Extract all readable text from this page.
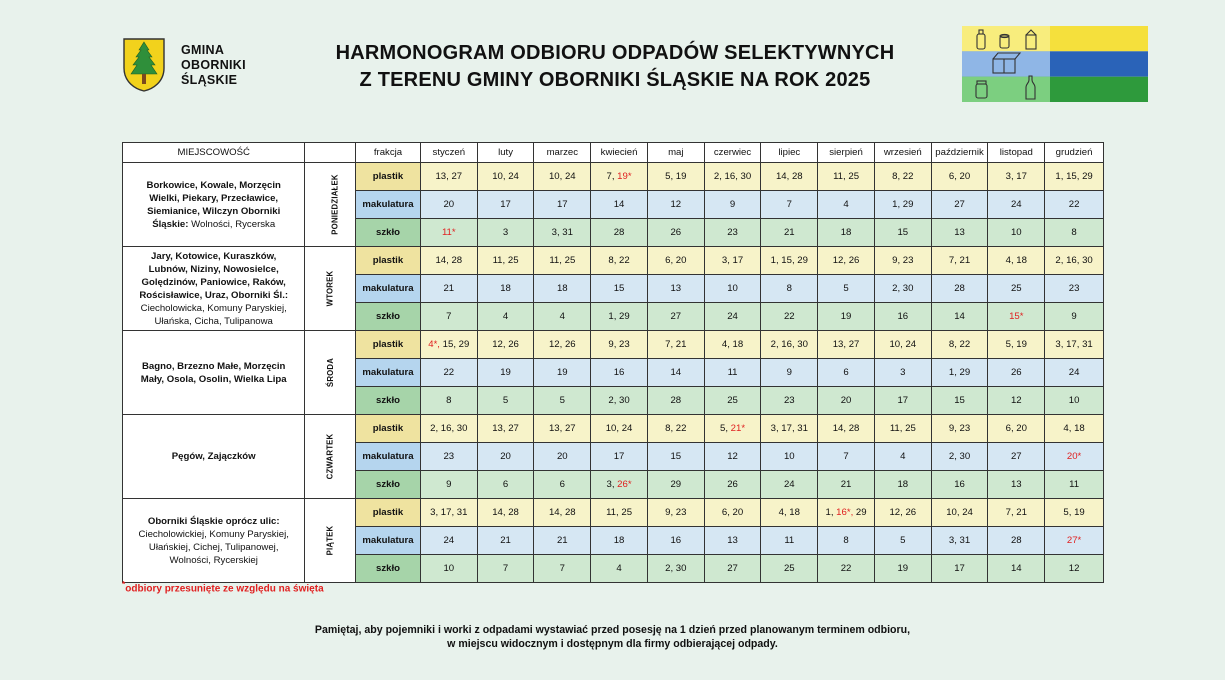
GMINA
OBORNIKI
ŚLĄSKIE
HARMONOGRAM ODBIORU ODPADÓW SELEKTYWNYCH
Z TERENU GMINY OBORNIKI ŚLĄSKIE NA ROK 2025
MIEJSCOWOŚĆ		frakcja	styczeń	luty	marzec	kwiecień	maj	czerwiec	lipiec	sierpień	wrzesień	październik	listopad	grudzień
Borkowice, Kowale, Morzęcin Wielki, Piekary, Przecławice, Siemianice, Wilczyn Oborniki Śląskie: Wolności, Rycerska	PONIEDZIAŁEK	plastik	13, 27	10, 24	10, 24	7, 19*	5, 19	2, 16, 30	14, 28	11, 25	8, 22	6, 20	3, 17	1, 15, 29
		makulatura	20	17	17	14	12	9	7	4	1, 29	27	24	22
		szkło	11*	3	3, 31	28	26	23	21	18	15	13	10	8
Jary, Kotowice, Kuraszków, Lubnów, Niziny, Nowosielce, Golędzinów, Paniowice, Raków, Rościsławice, Uraz, Oborniki Śl.: Ciecholowicka, Komuny Paryskiej, Ułańska, Cicha, Tulipanowa	WTOREK	plastik	14, 28	11, 25	11, 25	8, 22	6, 20	3, 17	1, 15, 29	12, 26	9, 23	7, 21	4, 18	2, 16, 30
		makulatura	21	18	18	15	13	10	8	5	2, 30	28	25	23
		szkło	7	4	4	1, 29	27	24	22	19	16	14	15*	9
Bagno, Brzezno Małe, Morzęcin Mały, Osola, Osolin, Wielka Lipa	ŚRODA	plastik	4*, 15, 29	12, 26	12, 26	9, 23	7, 21	4, 18	2, 16, 30	13, 27	10, 24	8, 22	5, 19	3, 17, 31
		makulatura	22	19	19	16	14	11	9	6	3	1, 29	26	24
		szkło	8	5	5	2, 30	28	25	23	20	17	15	12	10
Pęgów, Zajączków	CZWARTEK	plastik	2, 16, 30	13, 27	13, 27	10, 24	8, 22	5, 21*	3, 17, 31	14, 28	11, 25	9, 23	6, 20	4, 18
		makulatura	23	20	20	17	15	12	10	7	4	2, 30	27	20*
		szkło	9	6	6	3, 26*	29	26	24	21	18	16	13	11
Oborniki Śląskie oprócz ulic:
Ciecholowickiej, Komuny Paryskiej, Ułańskiej, Cichej, Tulipanowej, Wolności, Rycerskiej	PIĄTEK	plastik	3, 17, 31	14, 28	14, 28	11, 25	9, 23	6, 20	4, 18	1, 16*, 29	12, 26	10, 24	7, 21	5, 19
		makulatura	24	21	21	18	16	13	11	8	5	3, 31	28	27*
		szkło	10	7	7	4	2, 30	27	25	22	19	17	14	12
*odbiory przesunięte ze względu na święta
Pamiętaj, aby pojemniki i worki z odpadami wystawiać przed posesję na 1 dzień przed planowanym terminem odbioru,
w miejscu widocznym i dostępnym dla firmy odbierającej odpady.
